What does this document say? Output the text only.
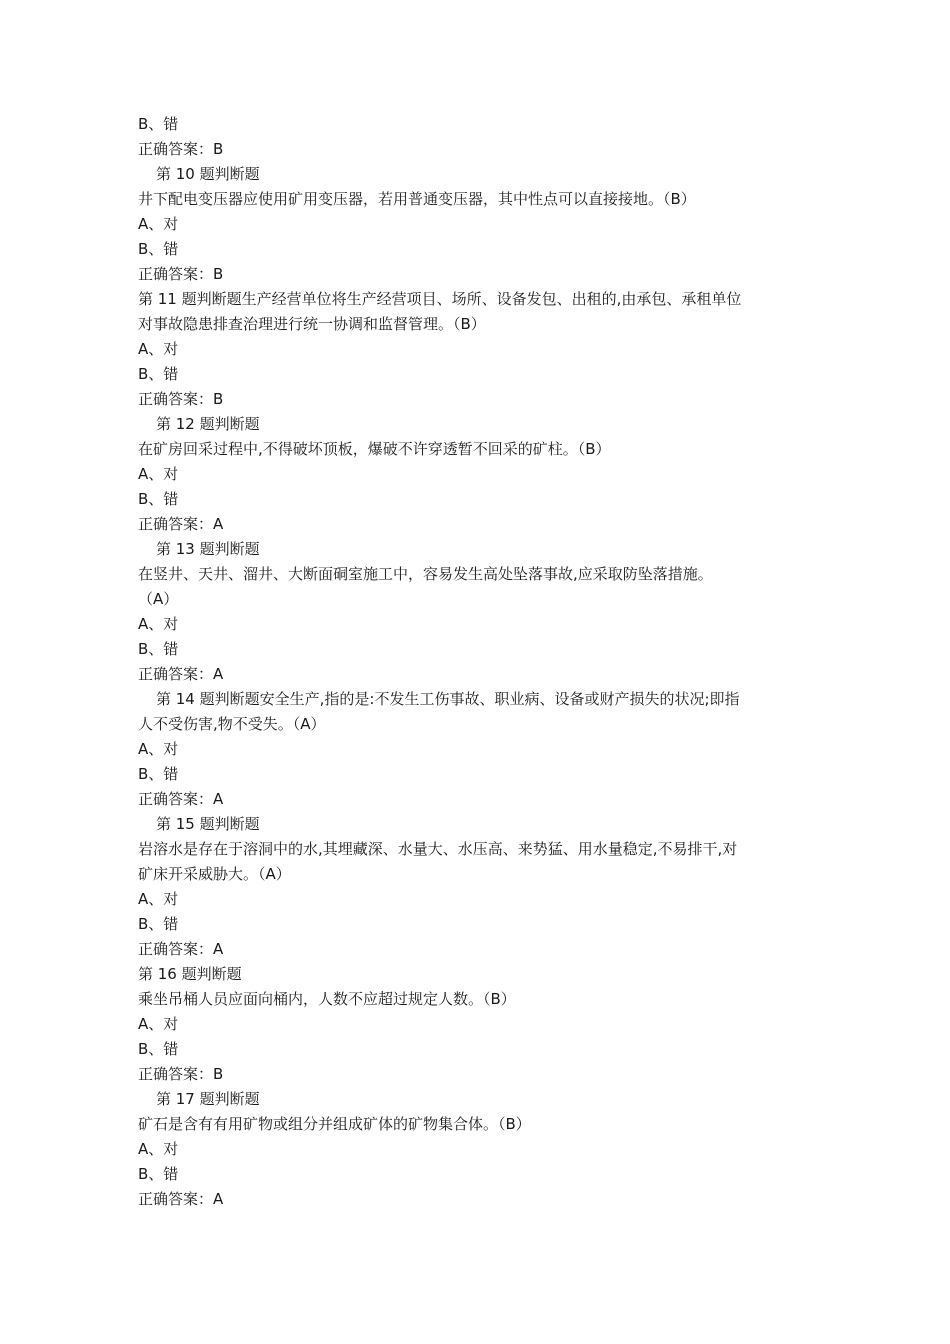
B、错
正确答案：B
第 10 题判断题
井下配电变压器应使用矿用变压器，若用普通变压器，其中性点可以直接接地。（B）
A、对
B、错
正确答案：B
第 11 题判断题生产经营单位将生产经营项目、场所、设备发包、出租的,由承包、承租单位
对事故隐患排查治理进行统一协调和监督管理。（B）
A、对
B、错
正确答案：B
第 12 题判断题
在矿房回采过程中,不得破坏顶板，爆破不许穿透暂不回采的矿柱。（B）
A、对
B、错
正确答案：A
第 13 题判断题
在竖井、天井、溜井、大断面硐室施工中，容易发生高处坠落事故,应采取防坠落措施。
（A）
A、对
B、错
正确答案：A
第 14 题判断题安全生产,指的是:不发生工伤事故、职业病、设备或财产损失的状况;即指
人不受伤害,物不受失。（A）
A、对
B、错
正确答案：A
第 15 题判断题
岩溶水是存在于溶洞中的水,其埋藏深、水量大、水压高、来势猛、用水量稳定,不易排干,对
矿床开采威胁大。（A）
A、对
B、错
正确答案：A
第 16 题判断题
乘坐吊桶人员应面向桶内，人数不应超过规定人数。（B）
A、对
B、错
正确答案：B
第 17 题判断题
矿石是含有有用矿物或组分并组成矿体的矿物集合体。（B）
A、对
B、错
正确答案：A
